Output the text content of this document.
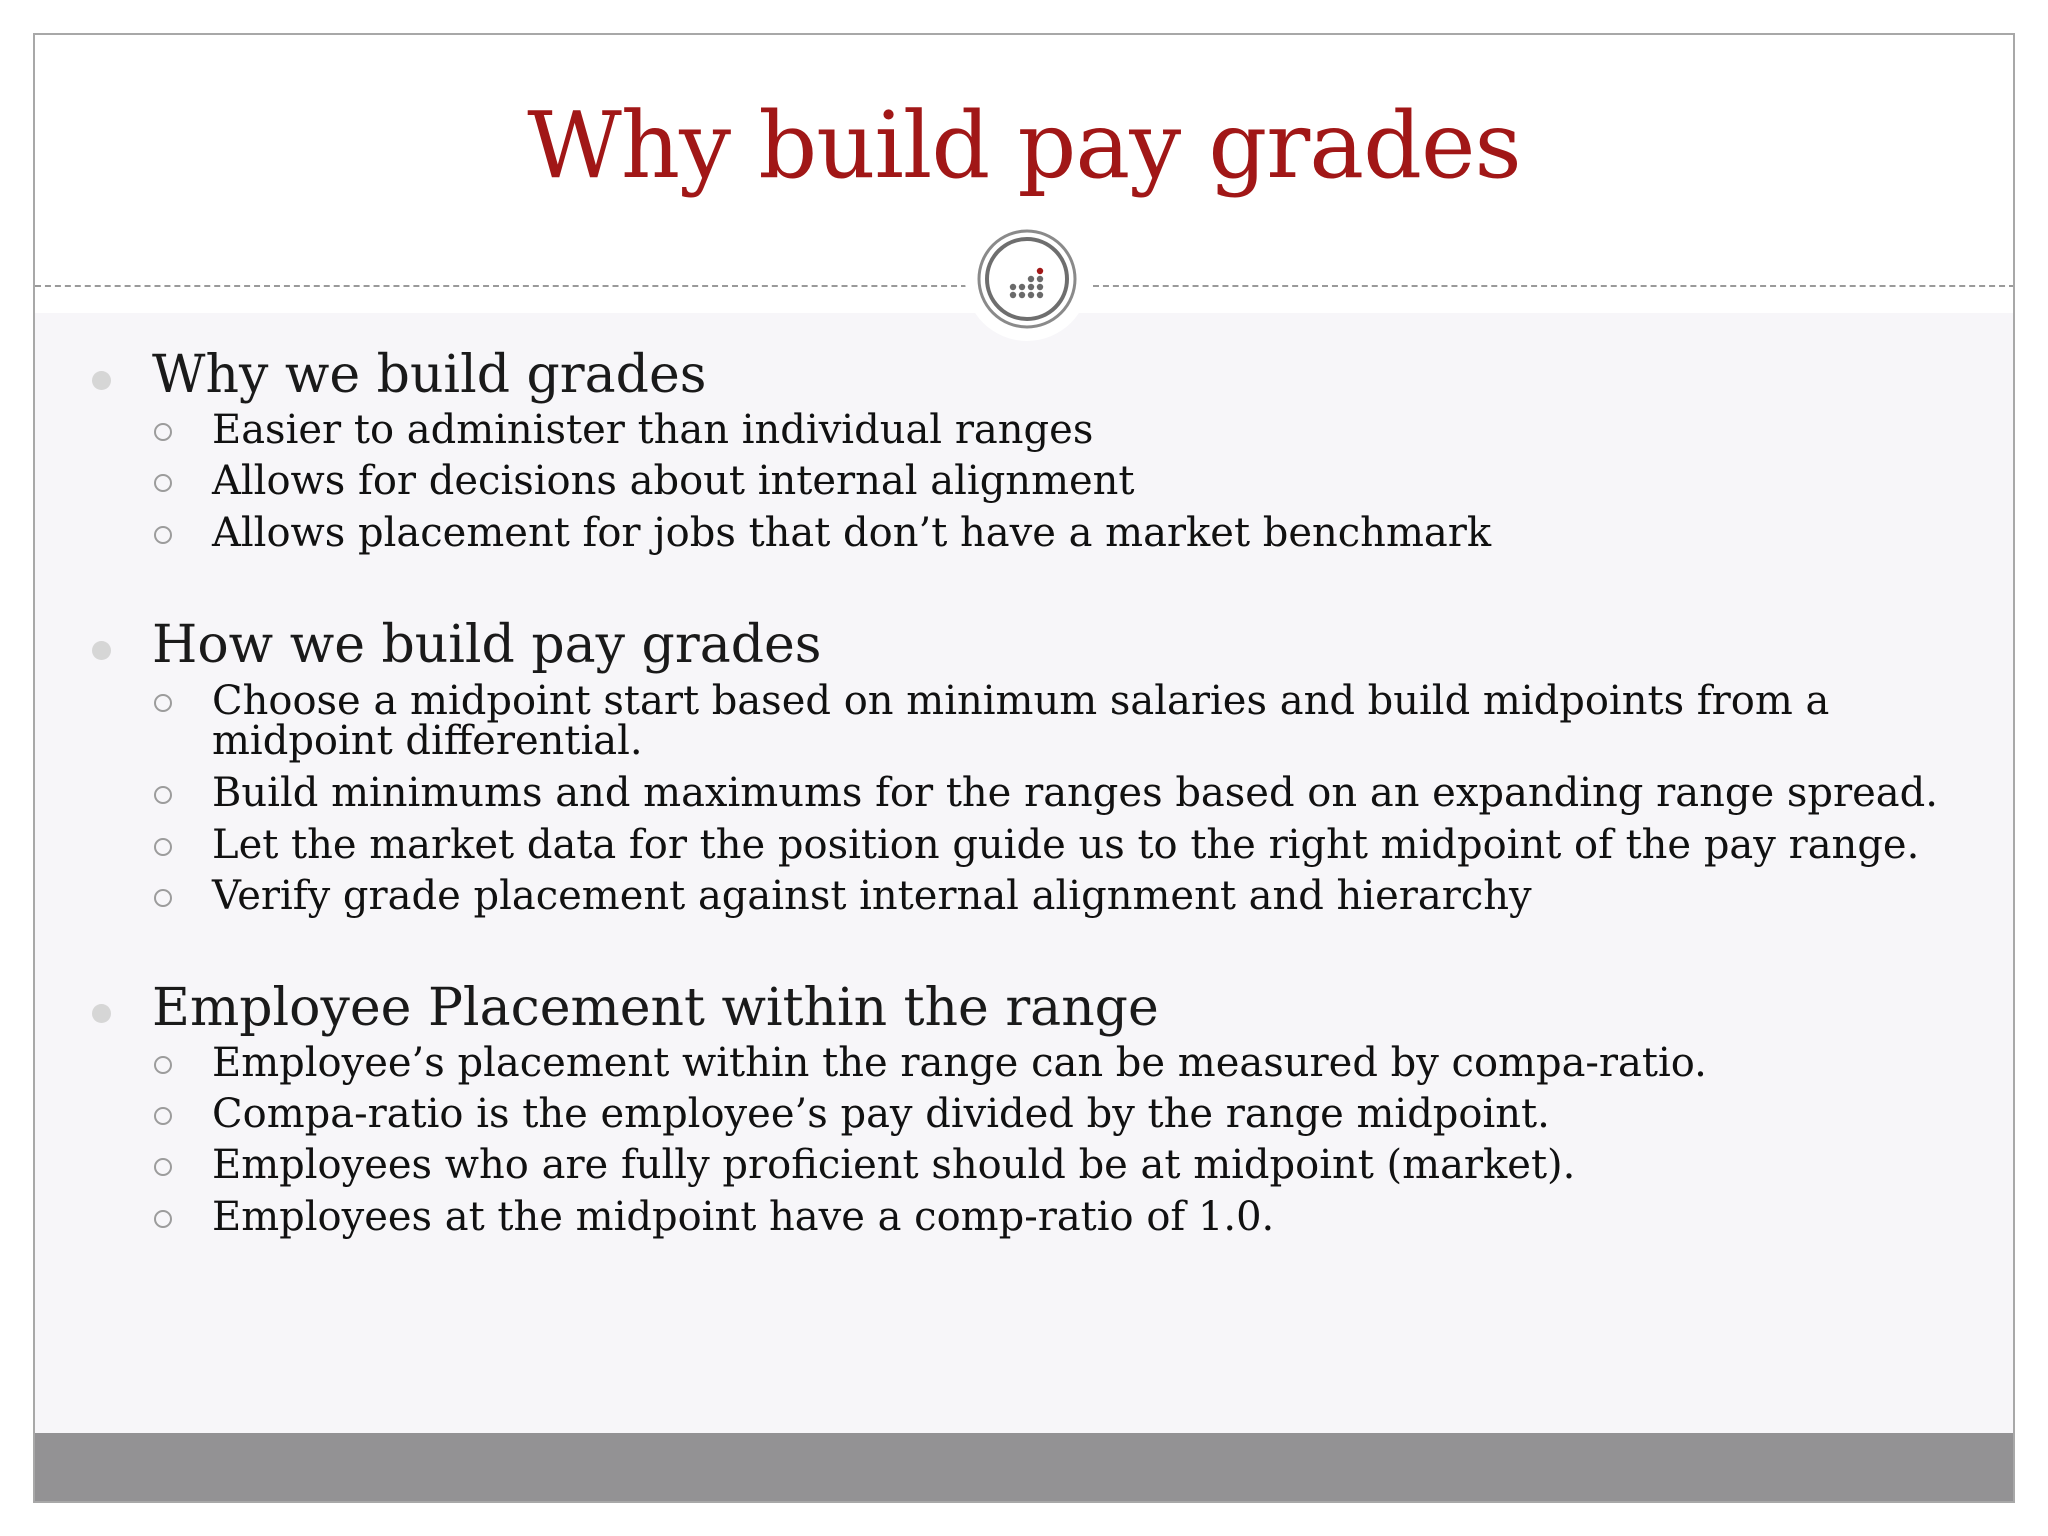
Why build pay grades
Why we build grades
Easier to administer than individual ranges
Allows for decisions about internal alignment
Allows placement for jobs that don’t have a market benchmark
How we build pay grades
Choose a midpoint start based on minimum salaries and build midpoints from a midpoint differential.
Build minimums and maximums for the ranges based on an expanding range spread.
Let the market data for the position guide us to the right midpoint of the pay range.
Verify grade placement against internal alignment and hierarchy
Employee Placement within the range
Employee’s placement within the range can be measured by compa-ratio.
Compa-ratio is the employee’s pay divided by the range midpoint.
Employees who are fully proficient should be at midpoint (market).
Employees at the midpoint have a comp-ratio of 1.0.
